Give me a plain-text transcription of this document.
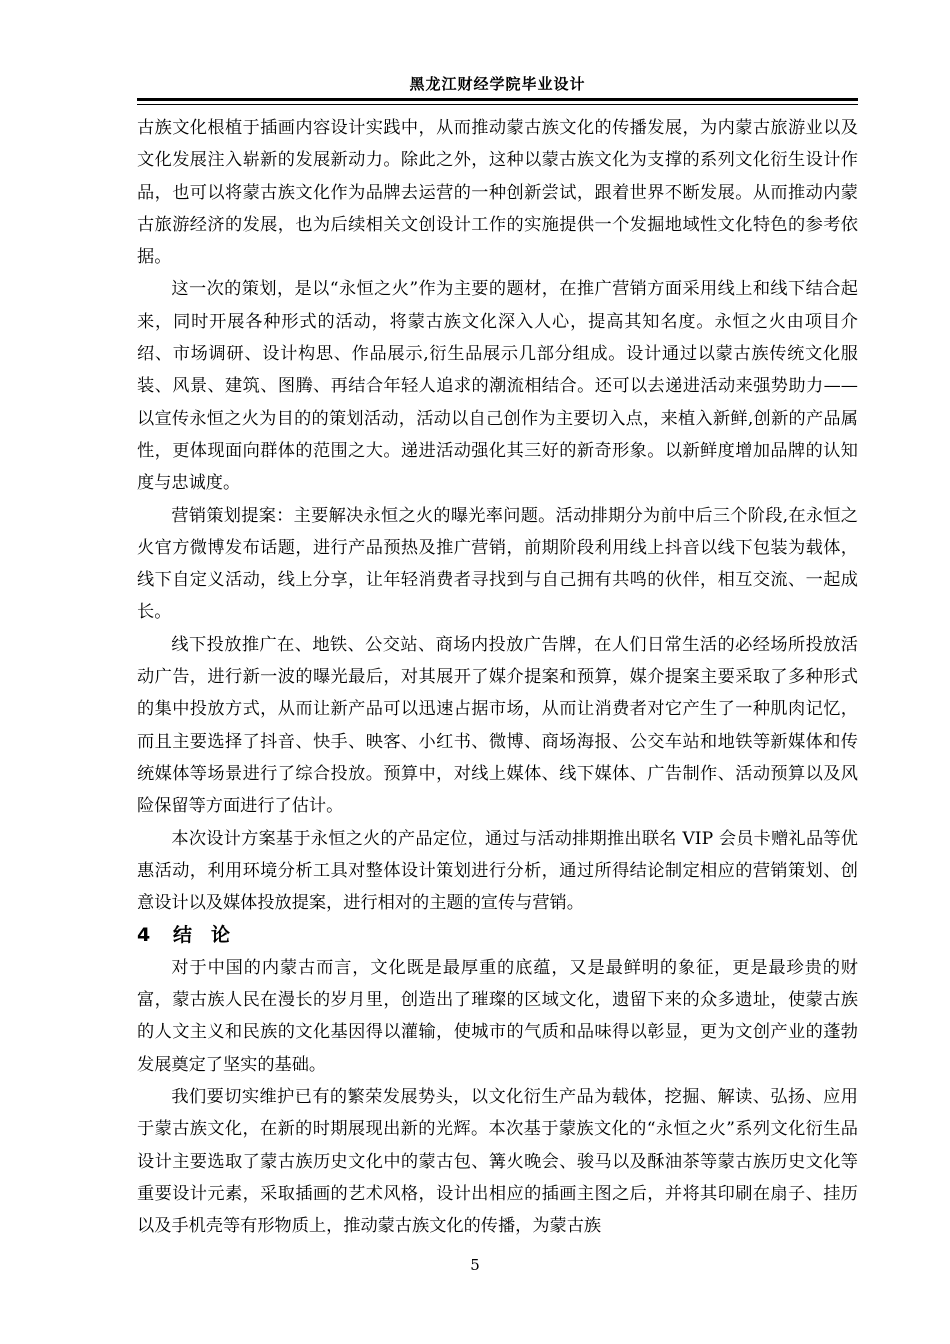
黑龙江财经学院毕业设计

古族文化根植于插画内容设计实践中，从而推动蒙古族文化的传播发展，为内蒙古旅游业以及文化发展注入崭新的发展新动力。除此之外，这种以蒙古族文化为支撑的系列文化衍生设计作品，也可以将蒙古族文化作为品牌去运营的一种创新尝试，跟着世界不断发展。从而推动内蒙古旅游经济的发展，也为后续相关文创设计工作的实施提供一个发掘地域性文化特色的参考依据。

这一次的策划，是以“永恒之火”作为主要的题材，在推广营销方面采用线上和线下结合起来，同时开展各种形式的活动，将蒙古族文化深入人心，提高其知名度。永恒之火由项目介绍、市场调研、设计构思、作品展示,衍生品展示几部分组成。设计通过以蒙古族传统文化服装、风景、建筑、图腾、再结合年轻人追求的潮流相结合。还可以去递进活动来强势助力——以宣传永恒之火为目的的策划活动，活动以自己创作为主要切入点，来植入新鲜,创新的产品属性，更体现面向群体的范围之大。递进活动强化其三好的新奇形象。以新鲜度增加品牌的认知度与忠诚度。

营销策划提案：主要解决永恒之火的曝光率问题。活动排期分为前中后三个阶段,在永恒之火官方微博发布话题，进行产品预热及推广营销，前期阶段利用线上抖音以线下包装为载体，线下自定义活动，线上分享，让年轻消费者寻找到与自己拥有共鸣的伙伴，相互交流、一起成长。

线下投放推广在、地铁、公交站、商场内投放广告牌，在人们日常生活的必经场所投放活动广告，进行新一波的曝光最后，对其展开了媒介提案和预算，媒介提案主要采取了多种形式的集中投放方式，从而让新产品可以迅速占据市场，从而让消费者对它产生了一种肌肉记忆，而且主要选择了抖音、快手、映客、小红书、微博、商场海报、公交车站和地铁等新媒体和传统媒体等场景进行了综合投放。预算中，对线上媒体、线下媒体、广告制作、活动预算以及风险保留等方面进行了估计。

本次设计方案基于永恒之火的产品定位，通过与活动排期推出联名 VIP 会员卡赠礼品等优惠活动，利用环境分析工具对整体设计策划进行分析，通过所得结论制定相应的营销策划、创意设计以及媒体投放提案，进行相对的主题的宣传与营销。

4 结　论

对于中国的内蒙古而言，文化既是最厚重的底蕴，又是最鲜明的象征，更是最珍贵的财富，蒙古族人民在漫长的岁月里，创造出了璀璨的区域文化，遗留下来的众多遗址，使蒙古族的人文主义和民族的文化基因得以灌输，使城市的气质和品味得以彰显，更为文创产业的蓬勃发展奠定了坚实的基础。

我们要切实维护已有的繁荣发展势头，以文化衍生产品为载体，挖掘、解读、弘扬、应用于蒙古族文化，在新的时期展现出新的光辉。本次基于蒙族文化的“永恒之火”系列文化衍生品设计主要选取了蒙古族历史文化中的蒙古包、篝火晚会、骏马以及酥油茶等蒙古族历史文化等重要设计元素，采取插画的艺术风格，设计出相应的插画主图之后，并将其印刷在扇子、挂历以及手机壳等有形物质上，推动蒙古族文化的传播，为蒙古族

5
